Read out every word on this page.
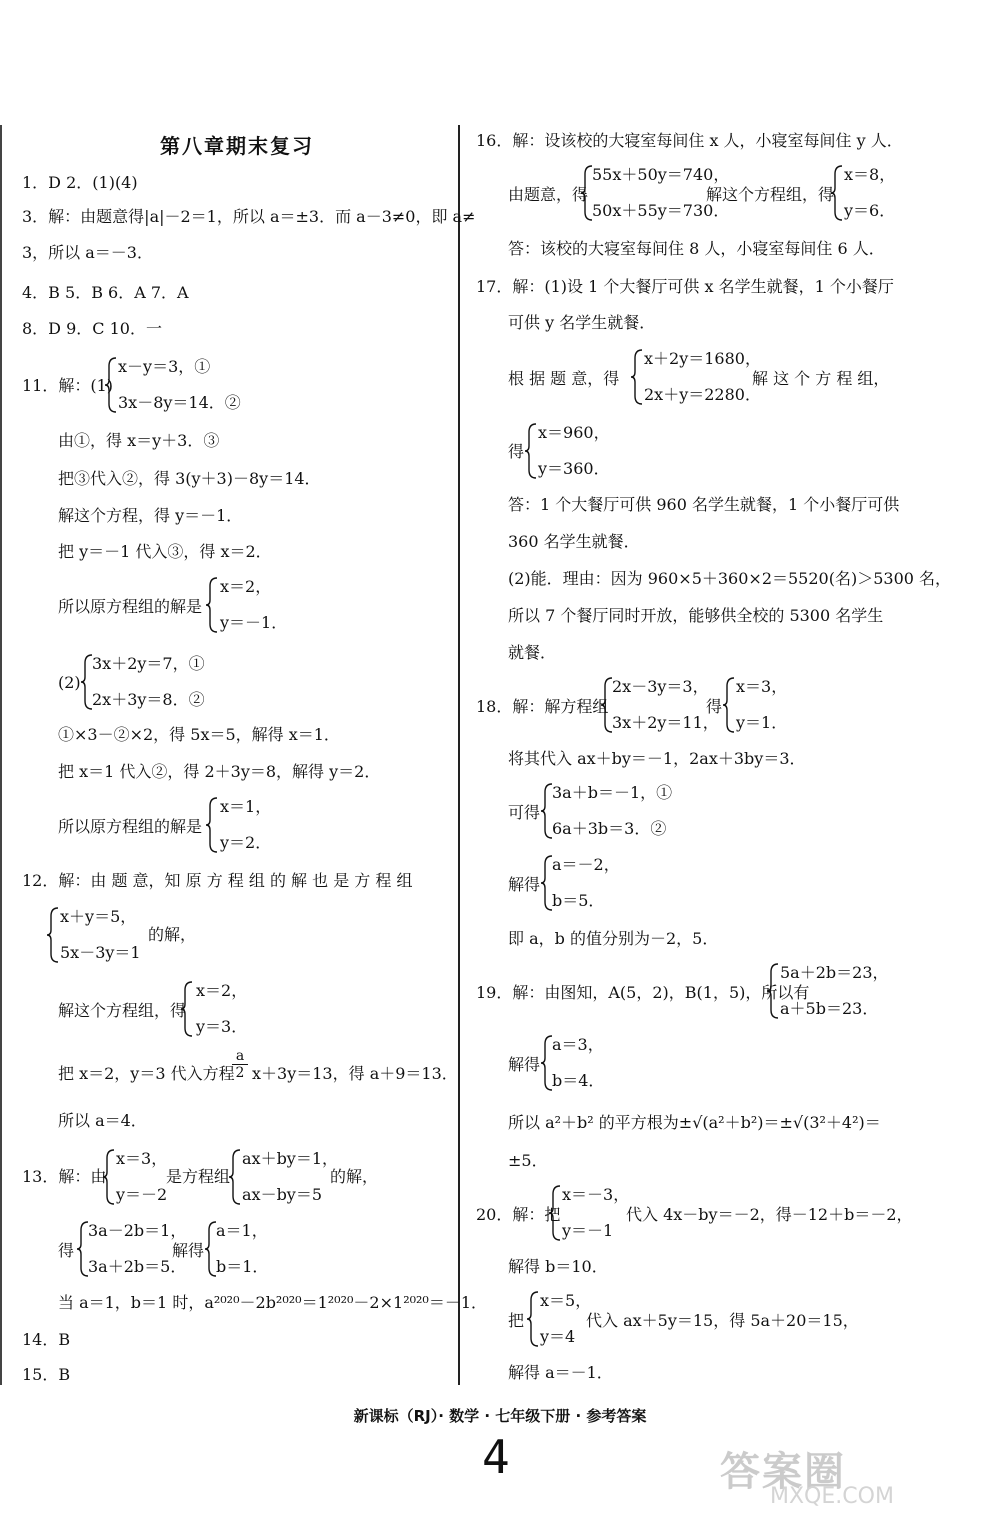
第八章期末复习
1．D 2．(1)(4)
3．解：由题意得|a|－2＝1，所以 a＝±3．而 a－3≠0，即 a≠
3，所以 a＝－3．
4．B 5．B 6．A 7．A
8．D 9．C 10．一
11．解：(1)
x－y＝3，①
3x－8y＝14．②
由①，得 x＝y＋3．③
把③代入②，得 3(y＋3)－8y＝14．
解这个方程，得 y＝－1．
把 y＝－1 代入③，得 x＝2．
所以原方程组的解是
x＝2，
y＝－1．
(2)
3x＋2y＝7，①
2x＋3y＝8．②
①×3－②×2，得 5x＝5，解得 x＝1．
把 x＝1 代入②，得 2＋3y＝8，解得 y＝2．
所以原方程组的解是
x＝1，
y＝2．
12．解：由 题 意，知 原 方 程 组 的 解 也 是 方 程 组
x＋y＝5，
5x－3y＝1
的解，
解这个方程组，得
x＝2，
y＝3．
把 x＝2，y＝3 代入方程
$\frac{a}{2} x+3y=13$，得 a＋9＝13．
所以 a＝4．
13．解：由
x＝3，
y＝－2
是方程组
ax＋by＝1，
ax－by＝5
的解，
得
3a－2b＝1，
3a＋2b＝5．
解得
a＝1，
b＝1．
当 a＝1，b＝1 时，a²⁰²⁰－2b²⁰²⁰＝1²⁰²⁰－2×1²⁰²⁰＝－1．
14．B
15．B
16．解：设该校的大寝室每间住 x 人，小寝室每间住 y 人．
由题意，得
55x＋50y＝740，
50x＋55y＝730．
解这个方程组，得
x＝8，
y＝6．
答：该校的大寝室每间住 8 人，小寝室每间住 6 人．
17．解：(1)设 1 个大餐厅可供 x 名学生就餐，1 个小餐厅
可供 y 名学生就餐．
根 据 题 意，得
x＋2y＝1680，
2x＋y＝2280．
解 这 个 方 程 组，
得
x＝960，
y＝360．
答：1 个大餐厅可供 960 名学生就餐，1 个小餐厅可供
360 名学生就餐．
(2)能．理由：因为 960×5＋360×2＝5520(名)＞5300 名，
所以 7 个餐厅同时开放，能够供全校的 5300 名学生
就餐．
18．解：解方程组
2x－3y＝3，
3x＋2y＝11，
得
x＝3，
y＝1．
将其代入 ax＋by＝－1，2ax＋3by＝3．
可得
3a＋b＝－1，①
6a＋3b＝3．②
解得
a＝－2，
b＝5．
即 a，b 的值分别为－2，5．
19．解：由图知，A(5，2)，B(1，5)，所以有
5a＋2b＝23，
a＋5b＝23．
解得
a＝3，
b＝4．
所以 a²＋b² 的平方根为±√(a²＋b²)＝±√(3²＋4²)＝
±5．
20．解：把
x＝－3，
y＝－1
代入 4x－by＝－2，得－12＋b＝－2，
解得 b＝10．
把
x＝5，
y＝4
代入 ax＋5y＝15，得 5a＋20＝15，
解得 a＝－1．
新课标（RJ）· 数学 · 七年级下册 · 参考答案
4	答案圈
MXQE.COM
